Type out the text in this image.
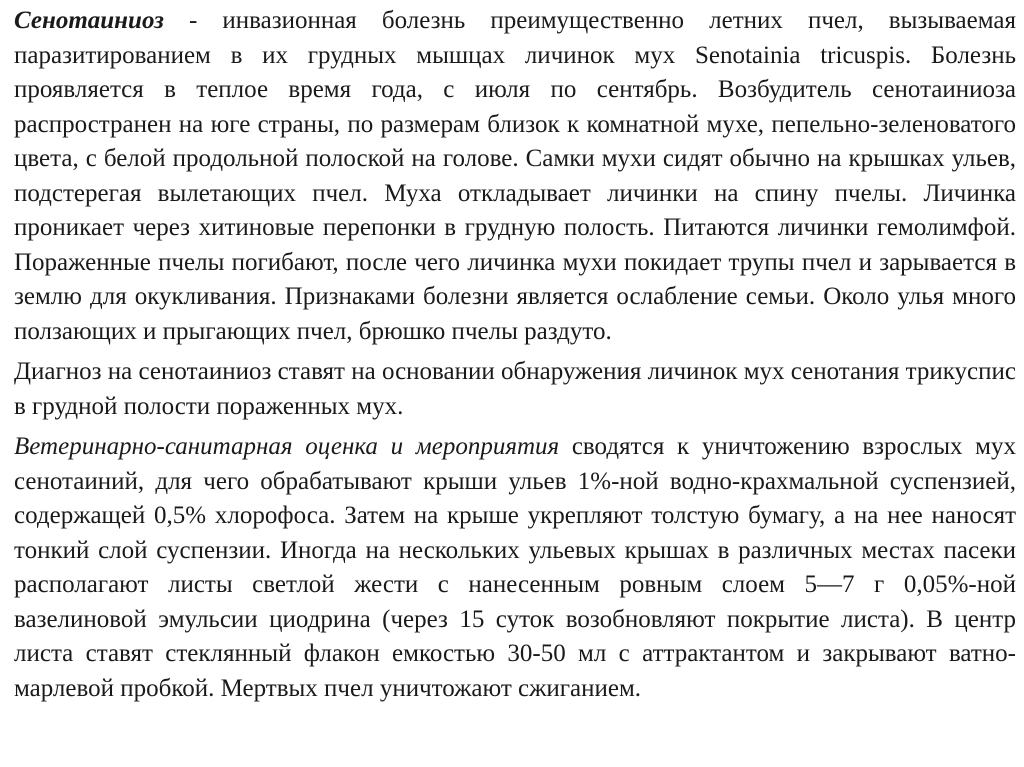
Сенотаиниоз - инвазионная болезнь преимущественно летних пчел, вызываемая паразитированием в их грудных мышцах личинок мух Senotainia tricuspis. Болезнь проявляется в теплое время года, с июля по сентябрь. Возбудитель сенотаиниоза распространен на юге страны, по размерам близок к комнатной мухе, пепельно-зеленоватого цвета, с белой продольной полоской на голове. Самки мухи сидят обычно на крышках ульев, подстерегая вылетающих пчел. Муха откладывает личинки на спину пчелы. Личинка проникает через хитиновые перепонки в грудную полость. Питаются личинки гемолимфой. Пораженные пчелы погибают, после чего личинка мухи покидает трупы пчел и зарывается в землю для окукливания. Признаками болезни является ослабление семьи. Около улья много ползающих и прыгающих пчел, брюшко пчелы раздуто.

Диагноз на сенотаиниоз ставят на основании обнаружения личинок мух сенотания трикуспис в грудной полости пораженных мух.

Ветеринарно-санитарная оценка и мероприятия сводятся к уничтожению взрослых мух сенотаиний, для чего обрабатывают крыши ульев 1%-ной водно-крахмальной суспензией, содержащей 0,5% хлорофоса. Затем на крыше укрепляют толстую бумагу, а на нее наносят тонкий слой суспензии. Иногда на нескольких ульевых крышах в различных местах пасеки располагают листы светлой жести с нанесенным ровным слоем 5—7 г 0,05%-ной вазелиновой эмульсии циодрина (через 15 суток возобновляют покрытие листа). В центр листа ставят стеклянный флакон емкостью 30-50 мл с аттрактантом и закрывают ватно-марлевой пробкой. Мертвых пчел уничтожают сжиганием.
